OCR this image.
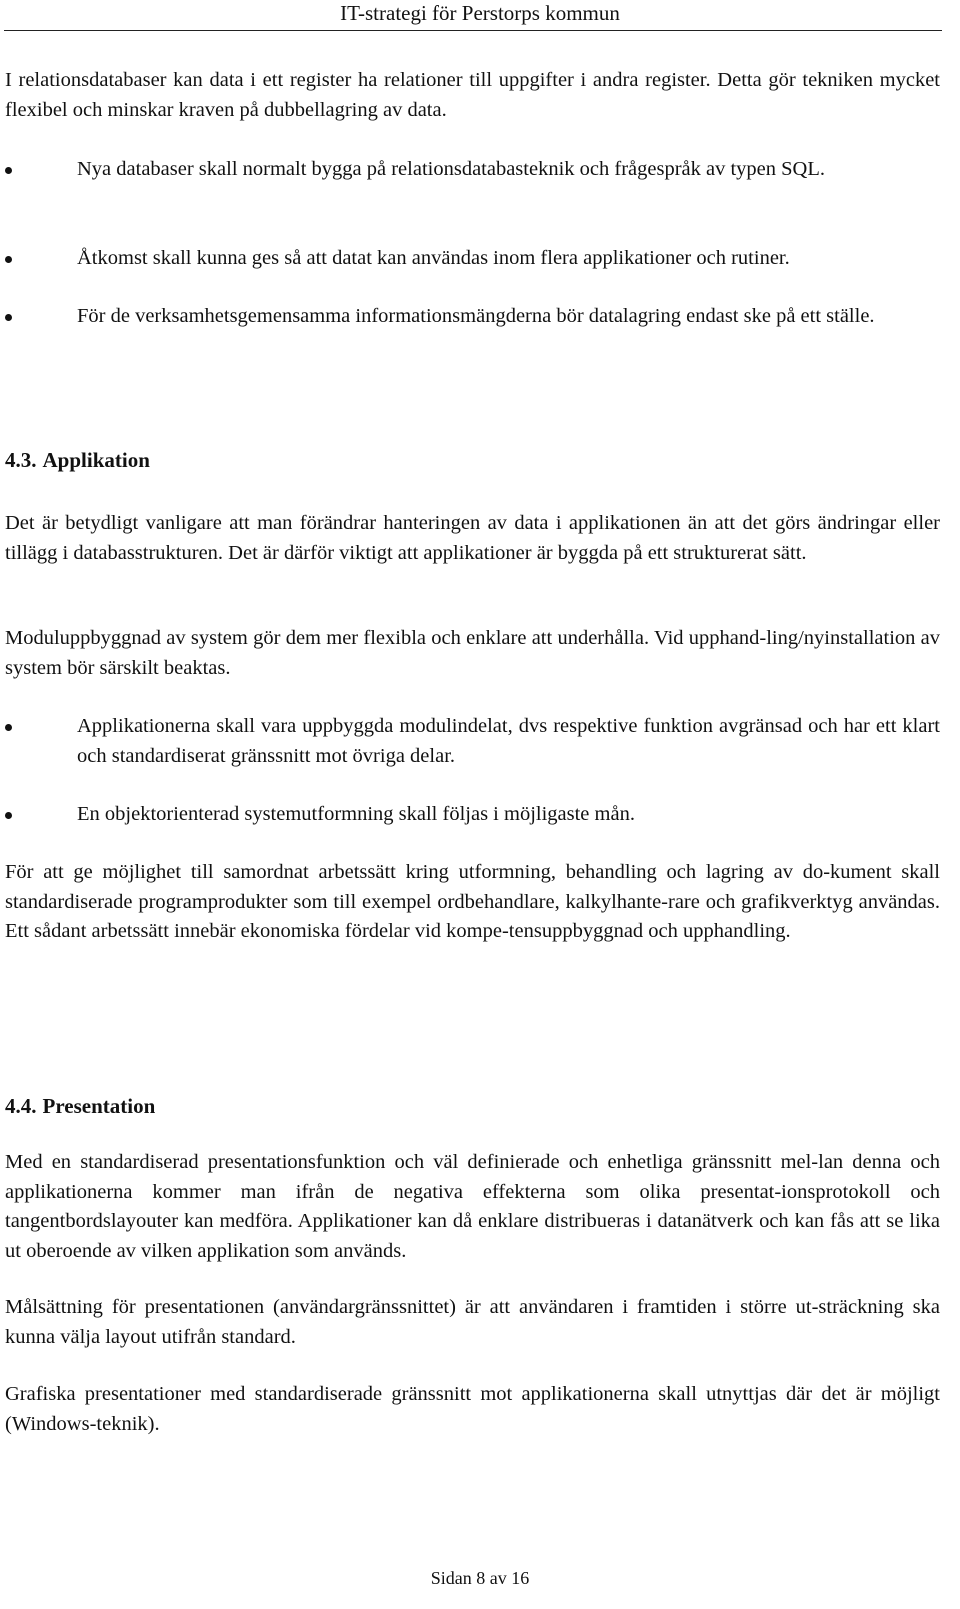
IT-strategi för Perstorps kommun

I relationsdatabaser kan data i ett register ha relationer till uppgifter i andra register. Detta gör tekniken mycket flexibel och minskar kraven på dubbellagring av data.

Nya databaser skall normalt bygga på relationsdatabasteknik och frågespråk av typen SQL.

Åtkomst skall kunna ges så att datat kan användas inom flera applikationer och rutiner.

För de verksamhetsgemensamma informationsmängderna bör datalagring endast ske på ett ställe.

4.3. Applikation

Det är betydligt vanligare att man förändrar hanteringen av data i applikationen än att det görs ändringar eller tillägg i databasstrukturen. Det är därför viktigt att applikationer är byggda på ett strukturerat sätt.

Moduluppbyggnad av system gör dem mer flexibla och enklare att underhålla. Vid upphand-ling/nyinstallation av system bör särskilt beaktas.

Applikationerna skall vara uppbyggda modulindelat, dvs respektive funktion avgränsad och har ett klart och standardiserat gränssnitt mot övriga delar.

En objektorienterad systemutformning skall följas i möjligaste mån.

För att ge möjlighet till samordnat arbetssätt kring utformning, behandling och lagring av do-kument skall standardiserade programprodukter som till exempel ordbehandlare, kalkylhante-rare och grafikverktyg användas. Ett sådant arbetssätt innebär ekonomiska fördelar vid kompe-tensuppbyggnad och upphandling.

4.4. Presentation

Med en standardiserad presentationsfunktion och väl definierade och enhetliga gränssnitt mel-lan denna och applikationerna kommer man ifrån de negativa effekterna som olika presentat-ionsprotokoll och tangentbordslayouter kan medföra. Applikationer kan då enklare distribueras i datanätverk och kan fås att se lika ut oberoende av vilken applikation som används.

Målsättning för presentationen (användargränssnittet) är att användaren i framtiden i större ut-sträckning ska kunna välja layout utifrån standard.

Grafiska presentationer med standardiserade gränssnitt mot applikationerna skall utnyttjas där det är möjligt (Windows-teknik).

Sidan 8 av 16
